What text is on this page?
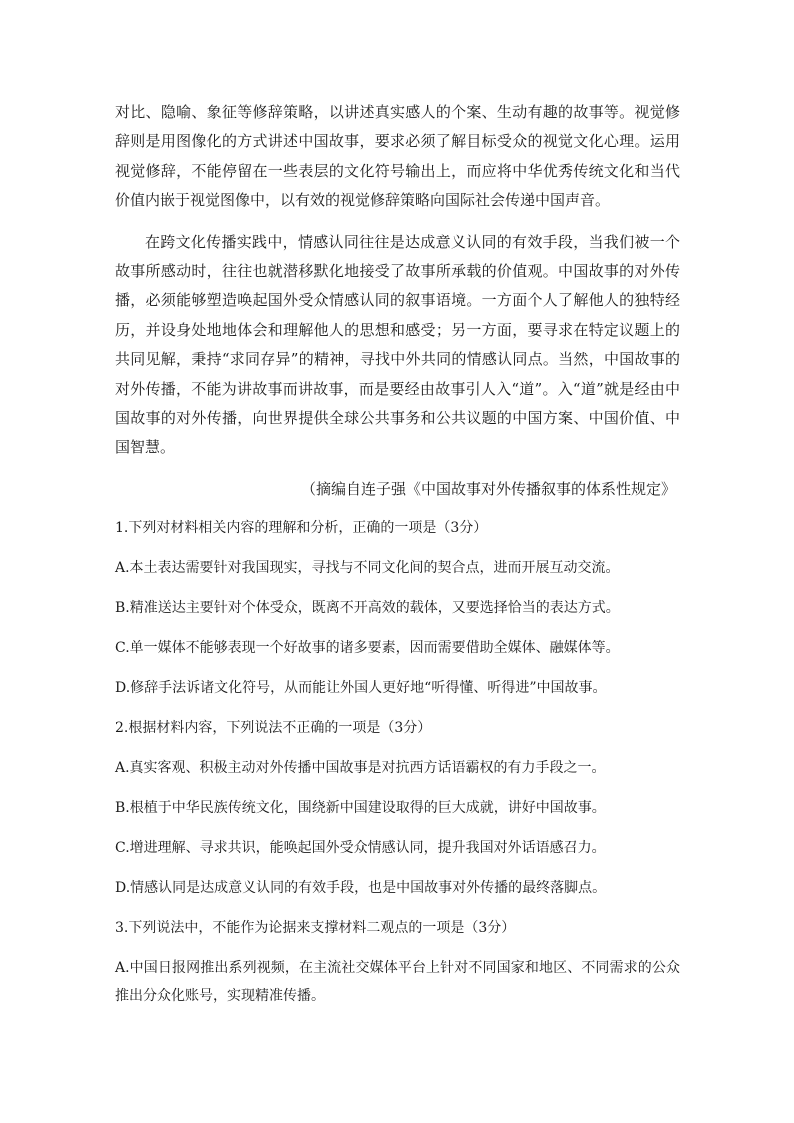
对比、隐喻、象征等修辞策略，以讲述真实感人的个案、生动有趣的故事等。视觉修辞则是用图像化的方式讲述中国故事，要求必须了解目标受众的视觉文化心理。运用视觉修辞，不能停留在一些表层的文化符号输出上，而应将中华优秀传统文化和当代价值内嵌于视觉图像中，以有效的视觉修辞策略向国际社会传递中国声音。

在跨文化传播实践中，情感认同往往是达成意义认同的有效手段，当我们被一个故事所感动时，往往也就潜移默化地接受了故事所承载的价值观。中国故事的对外传播，必须能够塑造唤起国外受众情感认同的叙事语境。一方面个人了解他人的独特经历，并设身处地地体会和理解他人的思想和感受；另一方面，要寻求在特定议题上的共同见解，秉持“求同存异”的精神，寻找中外共同的情感认同点。当然，中国故事的对外传播，不能为讲故事而讲故事，而是要经由故事引人入“道”。入“道”就是经由中国故事的对外传播，向世界提供全球公共事务和公共议题的中国方案、中国价值、中国智慧。

（摘编自连子强《中国故事对外传播叙事的体系性规定》

1.下列对材料相关内容的理解和分析，正确的一项是（3分）

A.本土表达需要针对我国现实，寻找与不同文化间的契合点，进而开展互动交流。

B.精准送达主要针对个体受众，既离不开高效的载体，又要选择恰当的表达方式。

C.单一媒体不能够表现一个好故事的诸多要素，因而需要借助全媒体、融媒体等。

D.修辞手法诉诸文化符号，从而能让外国人更好地“听得懂、听得进”中国故事。

2.根据材料内容，下列说法不正确的一项是（3分）

A.真实客观、积极主动对外传播中国故事是对抗西方话语霸权的有力手段之一。

B.根植于中华民族传统文化，围绕新中国建设取得的巨大成就，讲好中国故事。

C.增进理解、寻求共识，能唤起国外受众情感认同，提升我国对外话语感召力。

D.情感认同是达成意义认同的有效手段，也是中国故事对外传播的最终落脚点。

3.下列说法中，不能作为论据来支撑材料二观点的一项是（3分）

A.中国日报网推出系列视频，在主流社交媒体平台上针对不同国家和地区、不同需求的公众推出分众化账号，实现精准传播。
